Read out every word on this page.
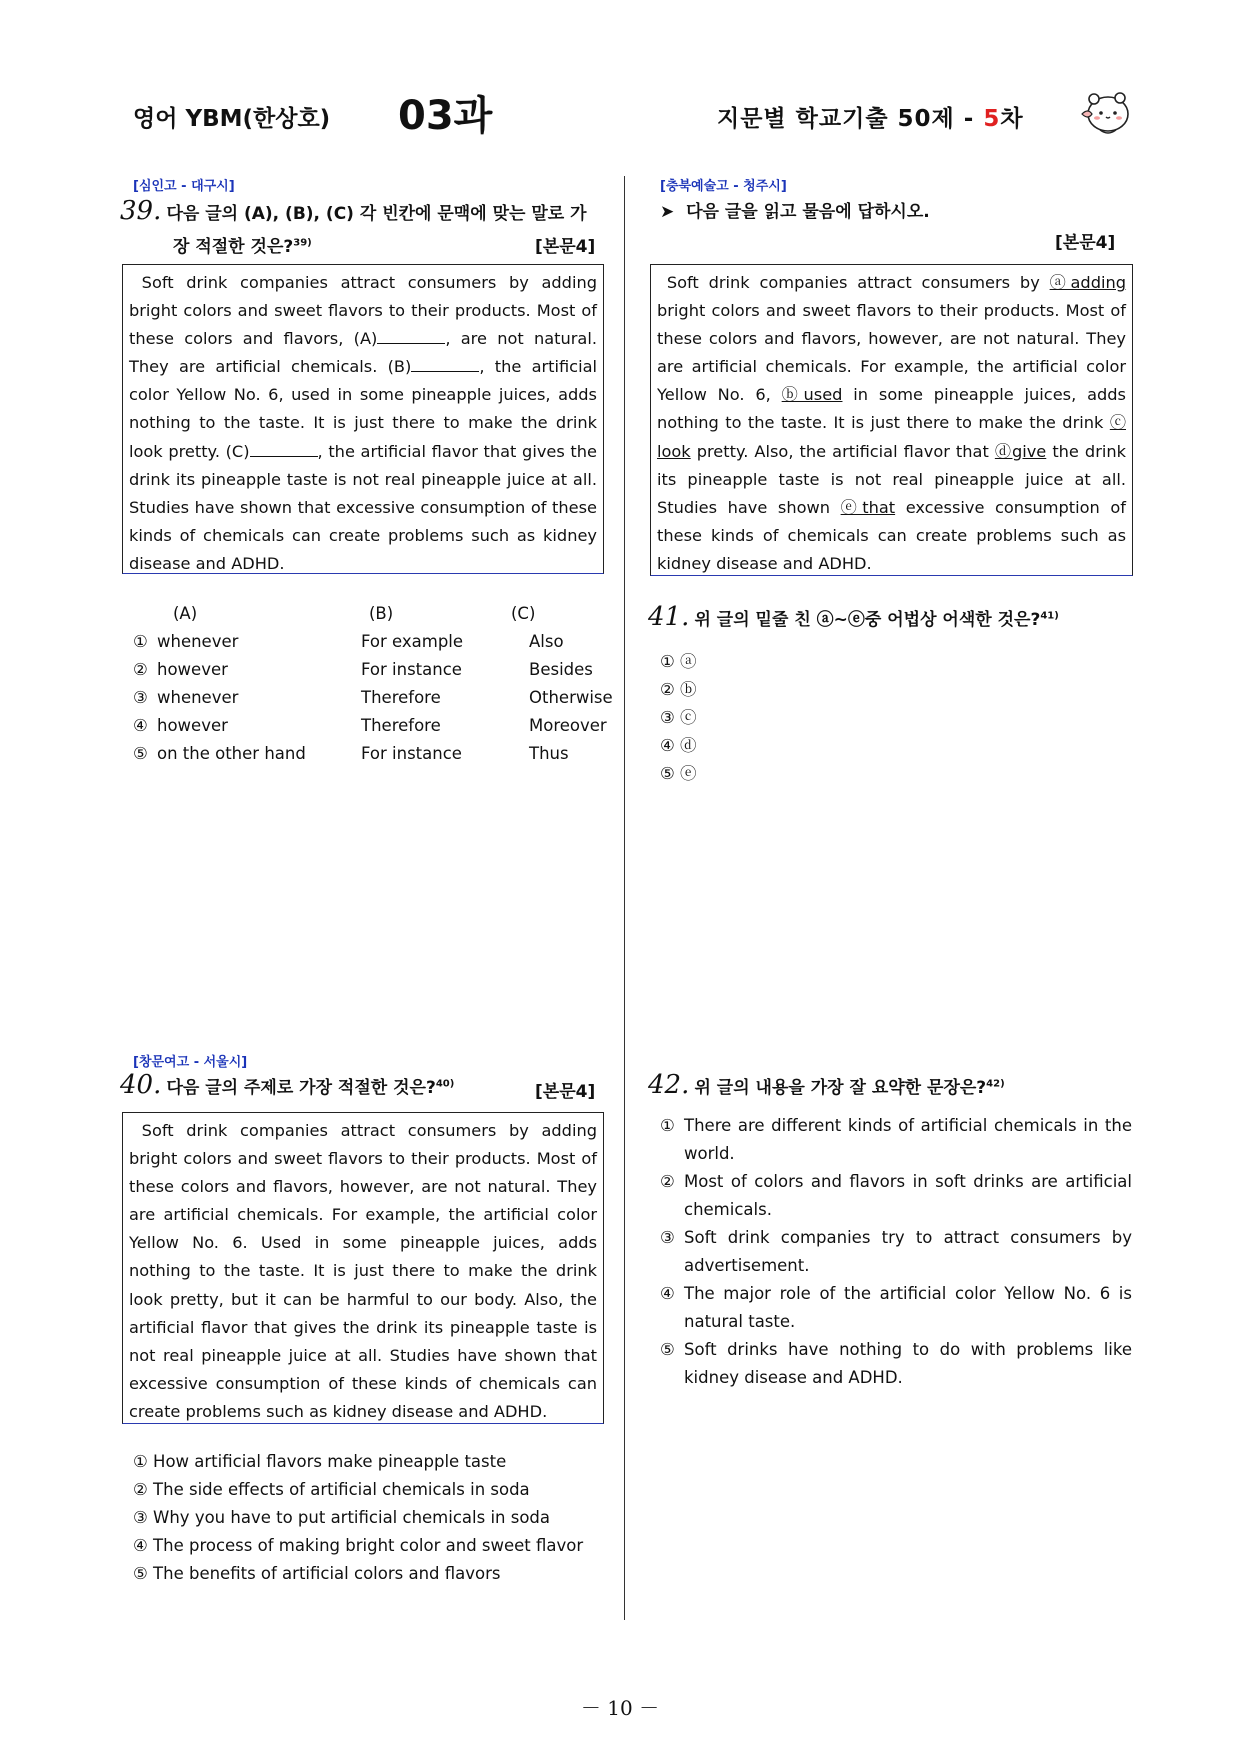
영어 YBM(한상호) 03과	지문별 학교기출 50제 - 5차
[심인고 - 대구시]
39. 다음 글의 (A), (B), (C) 각 빈칸에 문맥에 맞는 말로 가
장 적절한 것은?$^{39)}$	[본문4]
Soft drink companies attract consumers by adding bright colors and sweet flavors to their products. Most of these colors and flavors, (A)	, are not natural. They are artificial chemicals. (B)	, the artificial color Yellow No. 6, used in some pineapple juices, adds nothing to the taste. It is just there to make the drink look pretty. (C)	, the artificial flavor that gives the drink its pineapple taste is not real pineapple juice at all. Studies have shown that excessive consumption of these kinds of chemicals can create problems such as kidney disease and ADHD.
(A)	(B)	(C)
① whenever	For example	Also
② however	For instance	Besides
③ whenever	Therefore	Otherwise
④ however	Therefore	Moreover
⑤ on the other hand	For instance	Thus
[충북예술고 - 청주시]
➤ 다음 글을 읽고 물음에 답하시오.
[본문4]
Soft drink companies attract consumers by ⓐadding bright colors and sweet flavors to their products. Most of these colors and flavors, however, are not natural. They are artificial chemicals. For example, the artificial color Yellow No. 6, ⓑused in some pineapple juices, adds nothing to the taste. It is just there to make the drink ⓒ look pretty. Also, the artificial flavor that ⓓgive the drink its pineapple taste is not real pineapple juice at all. Studies have shown ⓔthat excessive consumption of these kinds of chemicals can create problems such as kidney disease and ADHD.
41. 위 글의 밑줄 친 ⓐ~ⓔ중 어법상 어색한 것은?$^{41)}$
① ⓐ
② ⓑ
③ ⓒ
④ ⓓ
⑤ ⓔ
[창문여고 - 서울시]
40. 다음 글의 주제로 가장 적절한 것은?$^{40)}$	[본문4]
Soft drink companies attract consumers by adding bright colors and sweet flavors to their products. Most of these colors and flavors, however, are not natural. They are artificial chemicals. For example, the artificial color Yellow No. 6. Used in some pineapple juices, adds nothing to the taste. It is just there to make the drink look pretty, but it can be harmful to our body. Also, the artificial flavor that gives the drink its pineapple taste is not real pineapple juice at all. Studies have shown that excessive consumption of these kinds of chemicals can create problems such as kidney disease and ADHD.
① How artificial flavors make pineapple taste
② The side effects of artificial chemicals in soda
③ Why you have to put artificial chemicals in soda
④ The process of making bright color and sweet flavor
⑤ The benefits of artificial colors and flavors
42. 위 글의 내용을 가장 잘 요약한 문장은?$^{42)}$
① There are different kinds of artificial chemicals in the world.
② Most of colors and flavors in soft drinks are artificial chemicals.
③ Soft drink companies try to attract consumers by advertisement.
④ The major role of the artificial color Yellow No. 6 is natural taste.
⑤ Soft drinks have nothing to do with problems like kidney disease and ADHD.
－ 10 －
